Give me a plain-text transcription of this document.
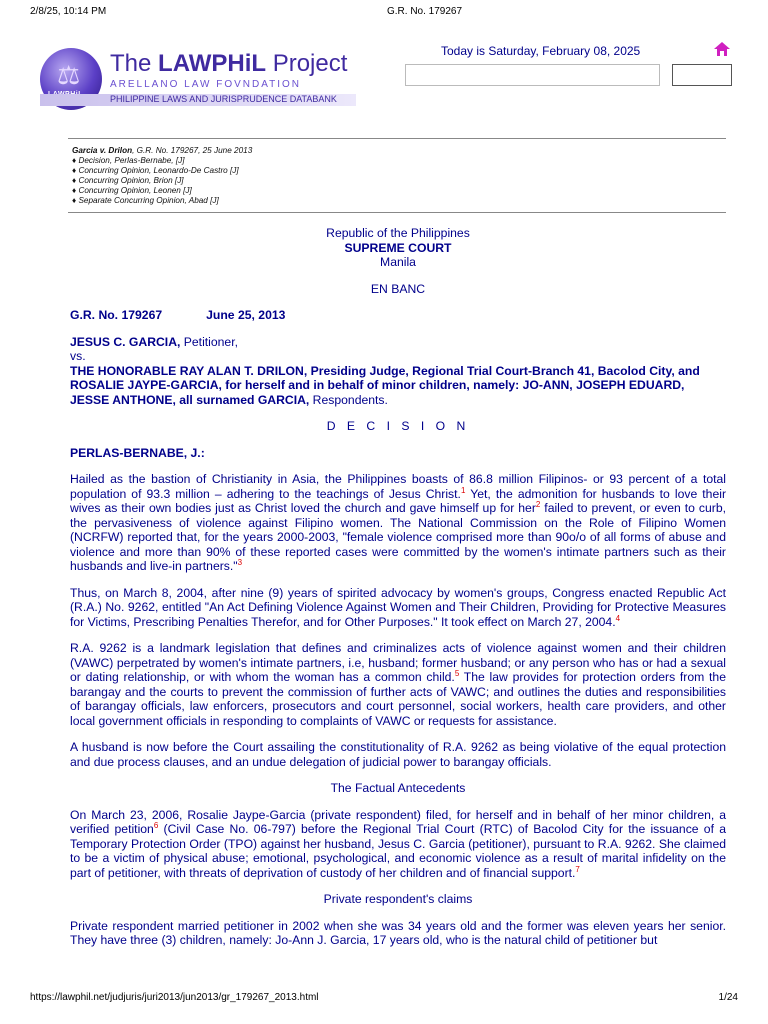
2/8/25, 10:14 PM	G.R. No. 179267
⚖ The LAWPHiL Project
ARELLANO LAW FOVNDATION
PHILIPPINE LAWS AND JURISPRUDENCE DATABANK
Today is Saturday, February 08, 2025
Garcia v. Drilon, G.R. No. 179267, 25 June 2013
♦ Decision, Perlas-Bernabe, [J]
♦ Concurring Opinion, Leonardo-De Castro [J]
♦ Concurring Opinion, Brion [J]
♦ Concurring Opinion, Leonen [J]
♦ Separate Concurring Opinion, Abad [J]

Republic of the Philippines

SUPREME COURT

Manila

EN BANC

G.R. No. 179267	June 25, 2013

JESUS C. GARCIA, Petitioner,

vs.

THE HONORABLE RAY ALAN T. DRILON, Presiding Judge, Regional Trial Court-Branch 41, Bacolod City, and ROSALIE JAYPE-GARCIA, for herself and in behalf of minor children, namely: JO-ANN, JOSEPH EDUARD, JESSE ANTHONE, all surnamed GARCIA, Respondents.

D E C I S I O N

PERLAS-BERNABE, J.:

Hailed as the bastion of Christianity in Asia, the Philippines boasts of 86.8 million Filipinos- or 93 percent of a total population of 93.3 million – adhering to the teachings of Jesus Christ.$^1$ Yet, the admonition for husbands to love their wives as their own bodies just as Christ loved the church and gave himself up for her$^2$ failed to prevent, or even to curb, the pervasiveness of violence against Filipino women. The National Commission on the Role of Filipino Women (NCRFW) reported that, for the years 2000-2003, "female violence comprised more than 90o/o of all forms of abuse and violence and more than 90% of these reported cases were committed by the women's intimate partners such as their husbands and live-in partners."$^3$

Thus, on March 8, 2004, after nine (9) years of spirited advocacy by women's groups, Congress enacted Republic Act (R.A.) No. 9262, entitled "An Act Defining Violence Against Women and Their Children, Providing for Protective Measures for Victims, Prescribing Penalties Therefor, and for Other Purposes." It took effect on March 27, 2004.$^4$

R.A. 9262 is a landmark legislation that defines and criminalizes acts of violence against women and their children (VAWC) perpetrated by women's intimate partners, i.e, husband; former husband; or any person who has or had a sexual or dating relationship, or with whom the woman has a common child.$^5$ The law provides for protection orders from the barangay and the courts to prevent the commission of further acts of VAWC; and outlines the duties and responsibilities of barangay officials, law enforcers, prosecutors and court personnel, social workers, health care providers, and other local government officials in responding to complaints of VAWC or requests for assistance.

A husband is now before the Court assailing the constitutionality of R.A. 9262 as being violative of the equal protection and due process clauses, and an undue delegation of judicial power to barangay officials.

The Factual Antecedents

On March 23, 2006, Rosalie Jaype-Garcia (private respondent) filed, for herself and in behalf of her minor children, a verified petition$^6$ (Civil Case No. 06-797) before the Regional Trial Court (RTC) of Bacolod City for the issuance of a Temporary Protection Order (TPO) against her husband, Jesus C. Garcia (petitioner), pursuant to R.A. 9262. She claimed to be a victim of physical abuse; emotional, psychological, and economic violence as a result of marital infidelity on the part of petitioner, with threats of deprivation of custody of her children and of financial support.$^7$

Private respondent's claims

Private respondent married petitioner in 2002 when she was 34 years old and the former was eleven years her senior. They have three (3) children, namely: Jo-Ann J. Garcia, 17 years old, who is the natural child of petitioner but

https://lawphil.net/judjuris/juri2013/jun2013/gr_179267_2013.html	1/24
